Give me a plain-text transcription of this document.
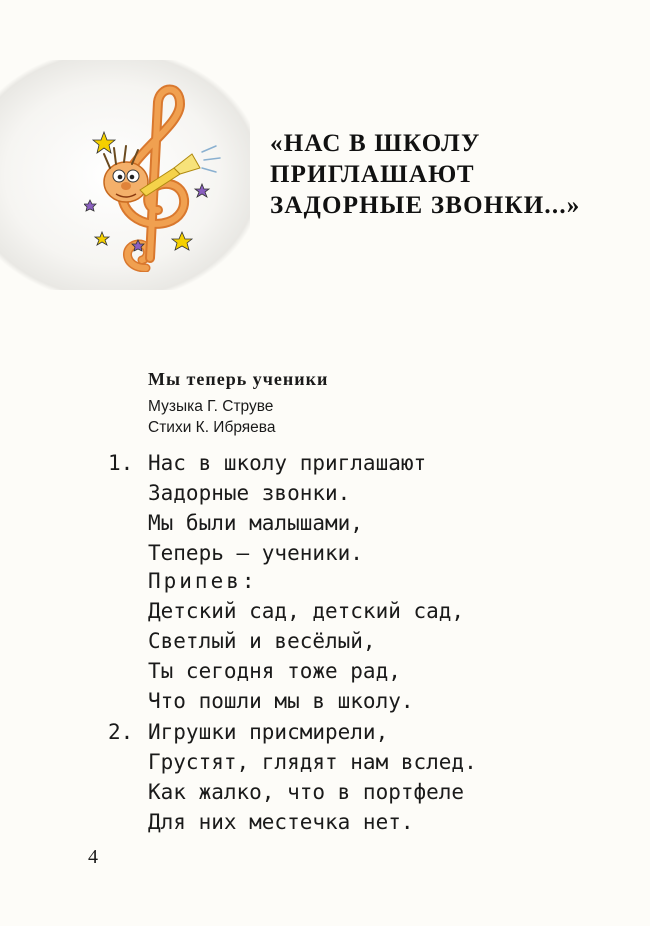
«НАС В ШКОЛУ
ПРИГЛАШАЮТ
ЗАДОРНЫЕ ЗВОНКИ...»
Мы теперь ученики
Музыка Г. Струве
Стихи К. Ибряева
1. Нас в школу приглашают
Задорные звонки.
Мы были малышами,
Теперь — ученики.
Припев:
Детский сад, детский сад,
Светлый и весёлый,
Ты сегодня тоже рад,
Что пошли мы в школу.
2. Игрушки присмирели,
Грустят, глядят нам вслед.
Как жалко, что в портфеле
Для них местечка нет.
4
